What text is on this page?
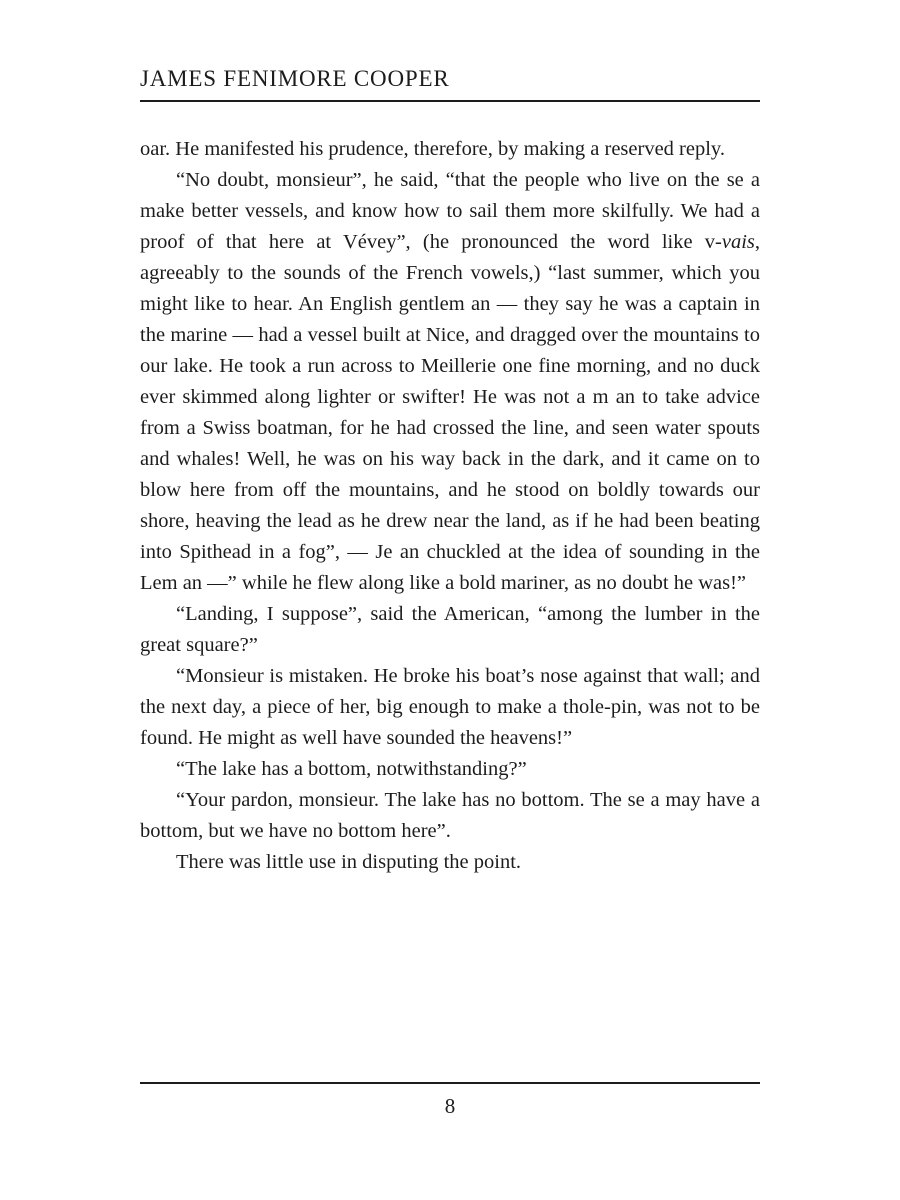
JAMES FENIMORE COOPER

oar. He manifested his prudence, therefore, by making a reserved reply.

“No doubt, monsieur”, he said, “that the people who live on the se a make better vessels, and know how to sail them more skilfully. We had a proof of that here at Vévey”, (he pronounced the word like v-vais, agreeably to the sounds of the French vowels,) “last summer, which you might like to hear. An English gentlem an — they say he was a captain in the marine — had a vessel built at Nice, and dragged over the mountains to our lake. He took a run across to Meillerie one fine morning, and no duck ever skimmed along lighter or swifter! He was not a m an to take advice from a Swiss boatman, for he had crossed the line, and seen water spouts and whales! Well, he was on his way back in the dark, and it came on to blow here from off the mountains, and he stood on boldly towards our shore, heaving the lead as he drew near the land, as if he had been beating into Spithead in a fog”, — Je an chuckled at the idea of sounding in the Lem an —” while he flew along like a bold mariner, as no doubt he was!”

“Landing, I suppose”, said the American, “among the lumber in the great square?”

“Monsieur is mistaken. He broke his boat’s nose against that wall; and the next day, a piece of her, big enough to make a thole-pin, was not to be found. He might as well have sounded the heavens!”

“The lake has a bottom, notwithstanding?”

“Your pardon, monsieur. The lake has no bottom. The se a may have a bottom, but we have no bottom here”.

There was little use in disputing the point.

8
